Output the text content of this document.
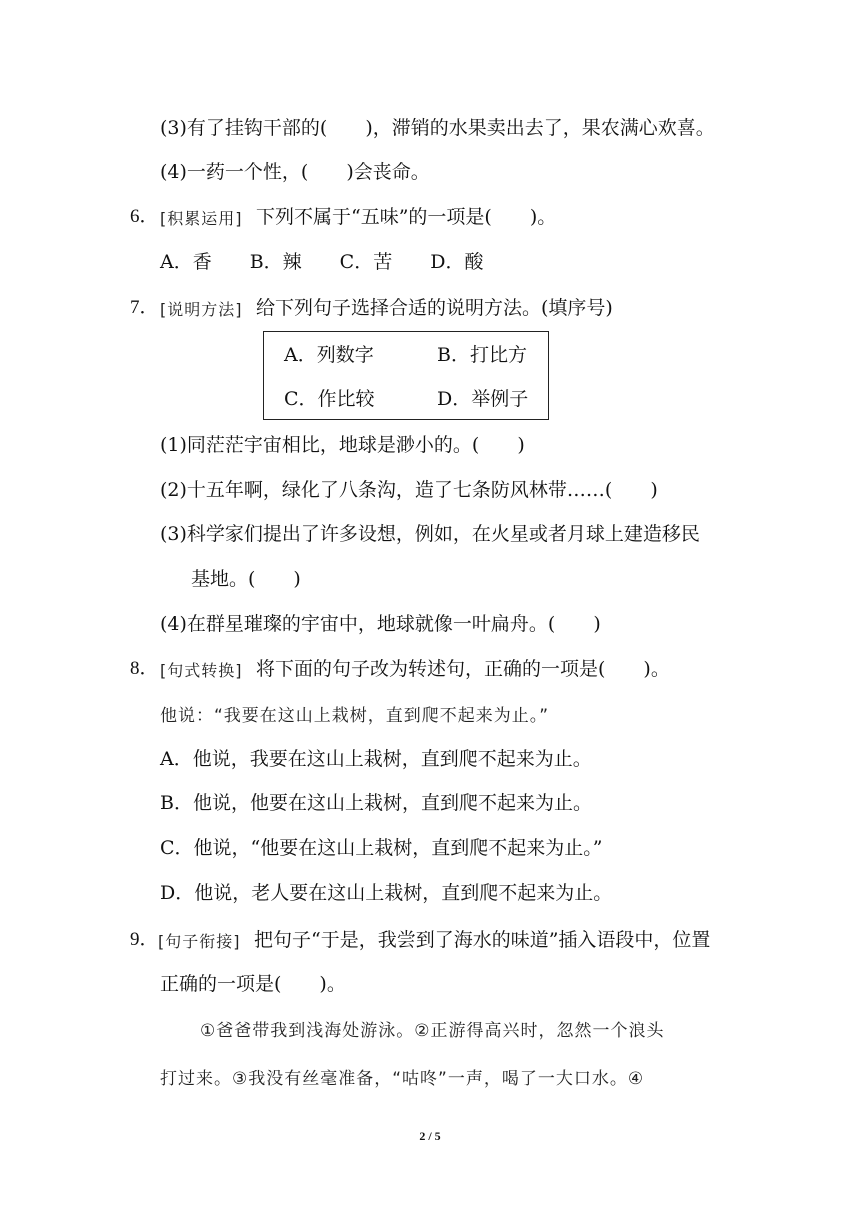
(3)有了挂钩干部的(　　)，滞销的水果卖出去了，果农满心欢喜。
(4)一药一个性，(　　)会丧命。
6． [积累运用] 下列不属于“五味”的一项是(　　)。
A．香　　B．辣　　C．苦　　D．酸
7． [说明方法] 给下列句子选择合适的说明方法。(填序号)
A．列数字	B．打比方
C．作比较	D．举例子
(1)同茫茫宇宙相比，地球是渺小的。(　　)
(2)十五年啊，绿化了八条沟，造了七条防风林带……(　　)
(3)科学家们提出了许多设想，例如，在火星或者月球上建造移民
基地。(　　)
(4)在群星璀璨的宇宙中，地球就像一叶扁舟。(　　)
8． [句式转换] 将下面的句子改为转述句，正确的一项是(　　)。
他说：“我要在这山上栽树，直到爬不起来为止。”
A．他说，我要在这山上栽树，直到爬不起来为止。
B．他说，他要在这山上栽树，直到爬不起来为止。
C．他说，“他要在这山上栽树，直到爬不起来为止。”
D．他说，老人要在这山上栽树，直到爬不起来为止。
9． [句子衔接] 把句子“于是，我尝到了海水的味道”插入语段中，位置
正确的一项是(　　)。
①爸爸带我到浅海处游泳。②正游得高兴时，忽然一个浪头
打过来。③我没有丝毫准备，“咕咚”一声，喝了一大口水。④
2 / 5
